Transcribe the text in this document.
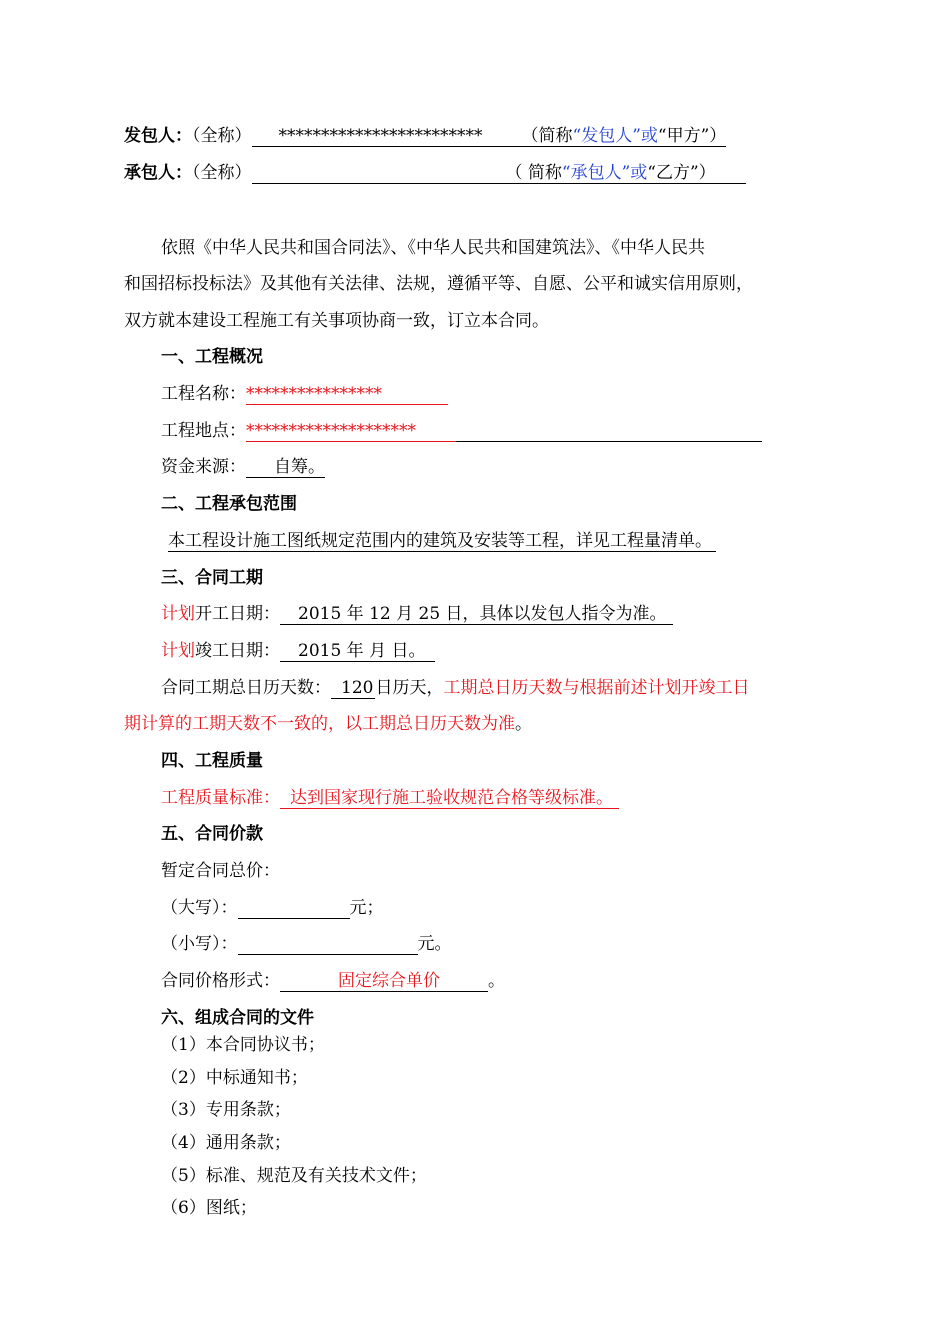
发包人：（全称） ************************ （简称“发包人”或“甲方”）
承包人：（全称）	（ 简称“承包人”或“乙方”）
依照《中华人民共和国合同法》、《中华人民共和国建筑法》、《中华人民共
和国招标投标法》及其他有关法律、法规，遵循平等、自愿、公平和诚实信用原则，
双方就本建设工程施工有关事项协商一致，订立本合同。
一、工程概况
工程名称：****************
工程地点：********************
资金来源： 自筹。
二、工程承包范围
本工程设计施工图纸规定范围内的建筑及安装等工程，详见工程量清单。
三、合同工期
计划开工日期： 2015 年 12 月 25 日，具体以发包人指令为准。
计划竣工日期： 2015 年 月 日。
合同工期总日历天数： 120 日历天，工期总日历天数与根据前述计划开竣工日
期计算的工期天数不一致的，以工期总日历天数为准。
四、工程质量
工程质量标准： 达到国家现行施工验收规范合格等级标准。
五、合同价款
暂定合同总价：
（大写）：	元；
（小写）：	元。
合同价格形式：	固定综合单价	。
六、组成合同的文件
（1）本合同协议书；
（2）中标通知书；
（3）专用条款；
（4）通用条款；
（5）标准、规范及有关技术文件；
（6）图纸；
